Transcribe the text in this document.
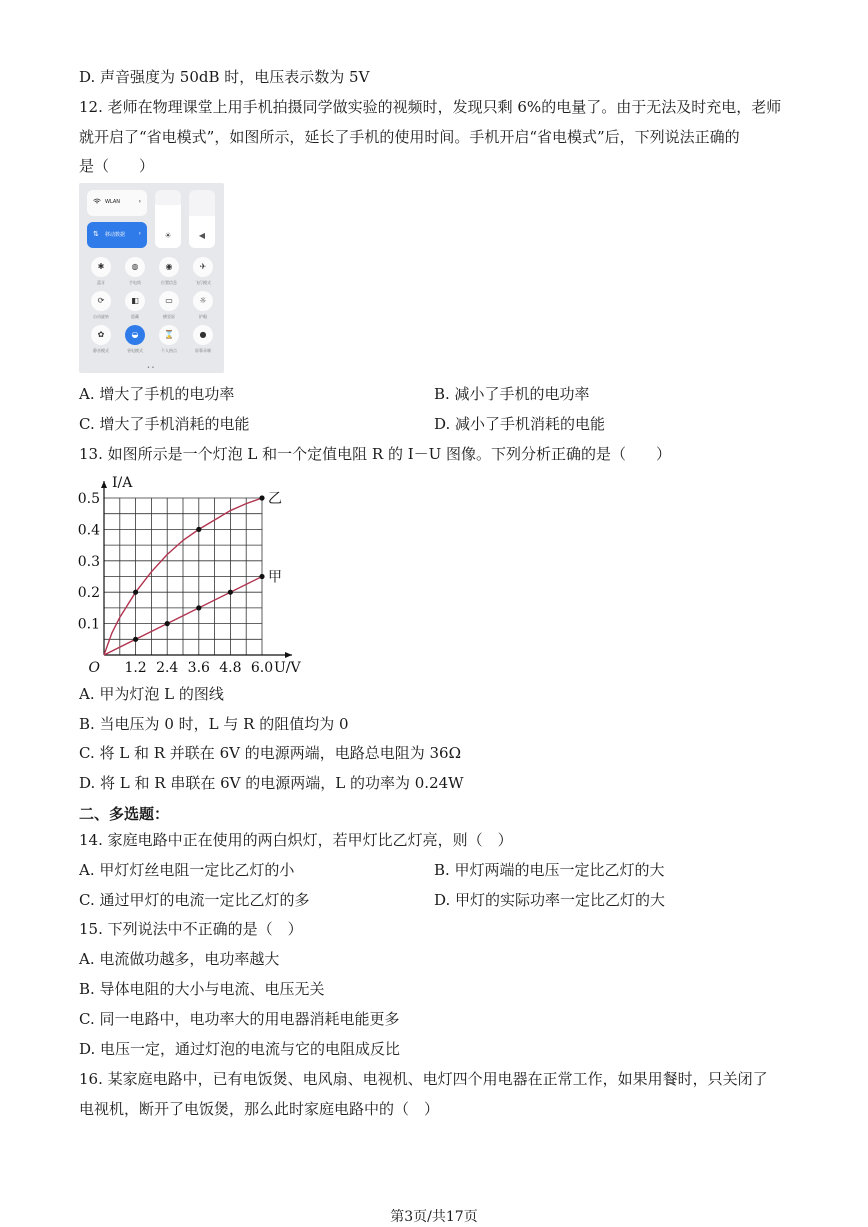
D. 声音强度为 50dB 时，电压表示数为 5V
12. 老师在物理课堂上用手机拍摄同学做实验的视频时，发现只剩 6%的电量了。由于无法及时充电，老师
就开启了“省电模式”，如图所示，延长了手机的使用时间。手机开启“省电模式”后，下列说法正确的
是（　　）
WLAN	›
⇅ 移动数据 ›	☀	◀
✱
蓝牙
◍
手电筒
◉
位置信息
✈
飞行模式
⟳
自动旋转
◧
隐藏
▭
横竖屏
☼
护眼
✿
静音模式
◒
省电模式
⌛
个人热点
●
屏幕录制
• •
A. 增大了手机的电功率	B. 减小了手机的电功率
C. 增大了手机消耗的电能	D. 减小了手机消耗的电能
13. 如图所示是一个灯泡 L 和一个定值电阻 R 的 I－U 图像。下列分析正确的是（　　）
1.2 2.4 3.6 4.8 6.0
0.1
0.2
0.3
0.4
0.5	乙
甲
O	U/V
I/A
A. 甲为灯泡 L 的图线
B. 当电压为 0 时，L 与 R 的阻值均为 0
C. 将 L 和 R 并联在 6V 的电源两端，电路总电阻为 36Ω
D. 将 L 和 R 串联在 6V 的电源两端，L 的功率为 0.24W
二、多选题：
14. 家庭电路中正在使用的两白炽灯，若甲灯比乙灯亮，则（　）
A. 甲灯灯丝电阻一定比乙灯的小	B. 甲灯两端的电压一定比乙灯的大
C. 通过甲灯的电流一定比乙灯的多	D. 甲灯的实际功率一定比乙灯的大
15. 下列说法中不正确的是（　）
A. 电流做功越多，电功率越大
B. 导体电阻的大小与电流、电压无关
C. 同一电路中，电功率大的用电器消耗电能更多
D. 电压一定，通过灯泡的电流与它的电阻成反比
16. 某家庭电路中，已有电饭煲、电风扇、电视机、电灯四个用电器在正常工作，如果用餐时，只关闭了
电视机，断开了电饭煲，那么此时家庭电路中的（　）
第3页/共17页
